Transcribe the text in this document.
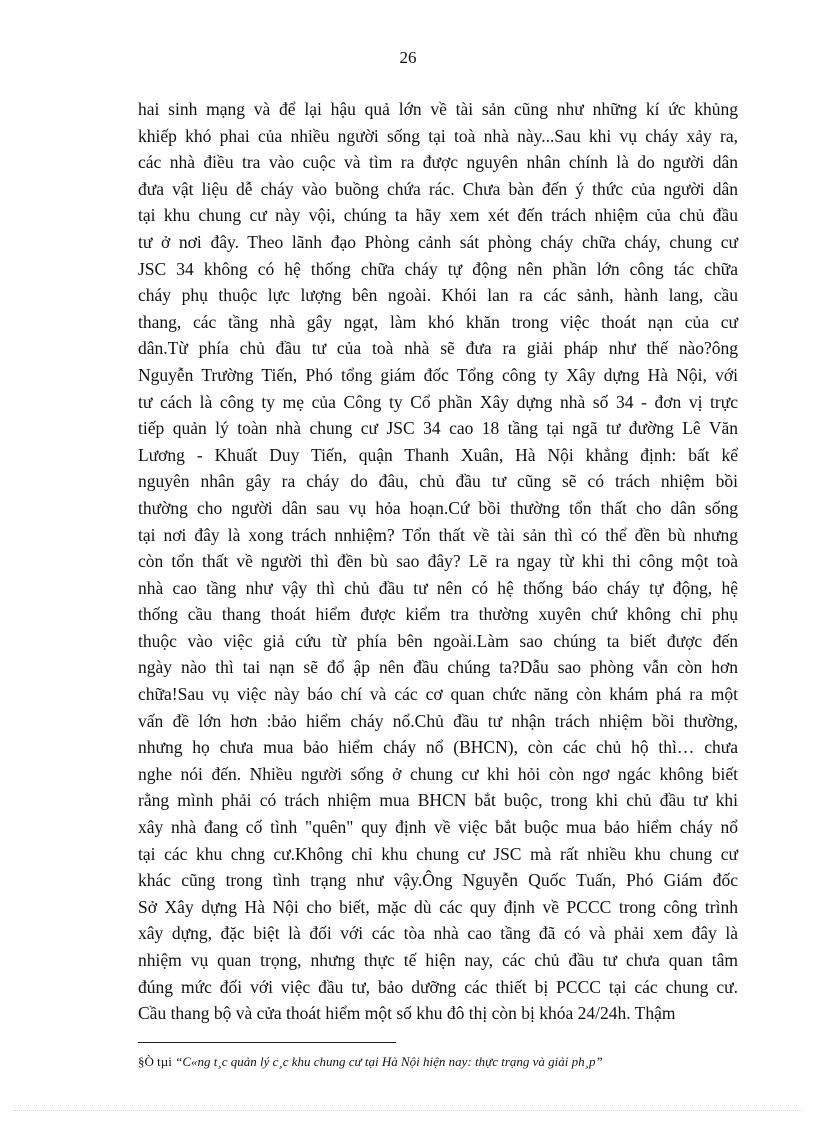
26
hai sinh mạng và để lại hậu quả lớn về tài sản cũng như những kí ức khủng
khiếp khó phai của nhiều người sống tại toà nhà này...Sau khi vụ cháy xảy ra,
các nhà điều tra vào cuộc và tìm ra được nguyên nhân chính là do người dân
đưa vật liệu dễ cháy vào buồng chứa rác. Chưa bàn đến ý thức của người dân
tại khu chung cư này vội, chúng ta hãy xem xét đến trách nhiệm của chủ đầu
tư ở nơi đây. Theo lãnh đạo Phòng cảnh sát phòng cháy chữa cháy, chung cư
JSC 34 không có hệ thống chữa cháy tự động nên phần lớn công tác chữa
cháy phụ thuộc lực lượng bên ngoài. Khói lan ra các sảnh, hành lang, cầu
thang, các tầng nhà gây ngạt, làm khó khăn trong việc thoát nạn của cư
dân.Từ phía chủ đầu tư của toà nhà sẽ đưa ra giải pháp như thế nào?ông
Nguyễn Trường Tiến, Phó tổng giám đốc Tổng công ty Xây dựng Hà Nội, với
tư cách là công ty mẹ của Công ty Cổ phần Xây dựng nhà số 34 - đơn vị trực
tiếp quản lý toàn nhà chung cư JSC 34 cao 18 tầng tại ngã tư đường Lê Văn
Lương - Khuất Duy Tiến, quận Thanh Xuân, Hà Nội khẳng định: bất kể
nguyên nhân gây ra cháy do đâu, chủ đầu tư cũng sẽ có trách nhiệm bồi
thường cho người dân sau vụ hỏa hoạn.Cứ bồi thường tổn thất cho dân sống
tại nơi đây là xong trách nnhiệm? Tổn thất về tài sản thì có thể đền bù nhưng
còn tổn thất về người thì đền bù sao đây? Lẽ ra ngay từ khi thi công một toà
nhà cao tầng như vậy thì chủ đầu tư nên có hệ thống báo cháy tự động, hệ
thống cầu thang thoát hiểm được kiểm tra thường xuyên chứ không chỉ phụ
thuộc vào việc giả cứu từ phía bên ngoài.Làm sao chúng ta biết được đến
ngày nào thì tai nạn sẽ đổ ập nên đầu chúng ta?Dẫu sao phòng vẫn còn hơn
chữa!Sau vụ việc này báo chí và các cơ quan chức năng còn khám phá ra một
vấn đề lớn hơn :bảo hiểm cháy nổ.Chủ đầu tư nhận trách nhiệm bồi thường,
nhưng họ chưa mua bảo hiểm cháy nổ (BHCN), còn các chủ hộ thì… chưa
nghe nói đến. Nhiều người sống ở chung cư khi hỏi còn ngơ ngác không biết
rằng mình phải có trách nhiệm mua BHCN bắt buộc, trong khi chủ đầu tư khi
xây nhà đang cố tình "quên" quy định về việc bắt buộc mua bảo hiểm cháy nổ
tại các khu chng cư.Không chỉ khu chung cư JSC mà rất nhiều khu chung cư
khác cũng trong tình trạng như vậy.Ông Nguyễn Quốc Tuấn, Phó Giám đốc
Sở Xây dựng Hà Nội cho biết, mặc dù các quy định về PCCC trong công trình
xây dựng, đặc biệt là đối với các tòa nhà cao tầng đã có và phải xem đây là
nhiệm vụ quan trọng, nhưng thực tế hiện nay, các chủ đầu tư chưa quan tâm
đúng mức đối với việc đầu tư, bảo dưỡng các thiết bị PCCC tại các chung cư.
Cầu thang bộ và cửa thoát hiểm một số khu đô thị còn bị khóa 24/24h. Thậm
§Ò tµi “C«ng t¸c quản lý c¸c khu chung cư tại Hà Nội hiện nay: thực trạng và giải ph¸p”
